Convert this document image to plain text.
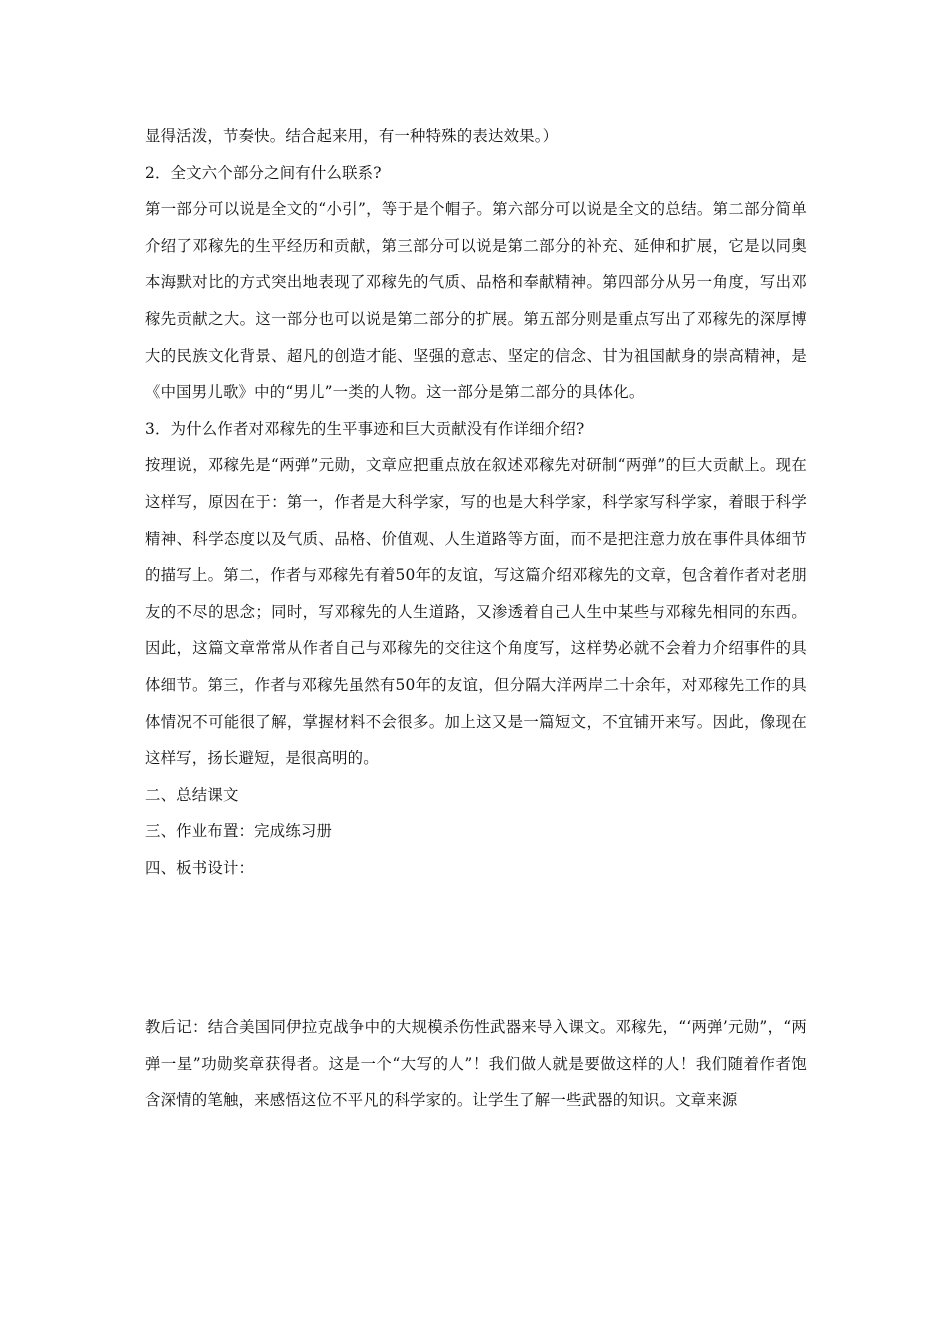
显得活泼，节奏快。结合起来用，有一种特殊的表达效果。）

2．全文六个部分之间有什么联系?

第一部分可以说是全文的“小引”，等于是个帽子。第六部分可以说是全文的总结。第二部分简单介绍了邓稼先的生平经历和贡献，第三部分可以说是第二部分的补充、延伸和扩展，它是以同奥本海默对比的方式突出地表现了邓稼先的气质、品格和奉献精神。第四部分从另一角度，写出邓稼先贡献之大。这一部分也可以说是第二部分的扩展。第五部分则是重点写出了邓稼先的深厚博大的民族文化背景、超凡的创造才能、坚强的意志、坚定的信念、甘为祖国献身的崇高精神，是《中国男儿歌》中的“男儿”一类的人物。这一部分是第二部分的具体化。

3．为什么作者对邓稼先的生平事迹和巨大贡献没有作详细介绍?

按理说，邓稼先是“两弹”元勋，文章应把重点放在叙述邓稼先对研制“两弹”的巨大贡献上。现在这样写，原因在于：第一，作者是大科学家，写的也是大科学家，科学家写科学家，着眼于科学精神、科学态度以及气质、品格、价值观、人生道路等方面，而不是把注意力放在事件具体细节的描写上。第二，作者与邓稼先有着50年的友谊，写这篇介绍邓稼先的文章，包含着作者对老朋友的不尽的思念；同时，写邓稼先的人生道路，又渗透着自己人生中某些与邓稼先相同的东西。因此，这篇文章常常从作者自己与邓稼先的交往这个角度写，这样势必就不会着力介绍事件的具体细节。第三，作者与邓稼先虽然有50年的友谊，但分隔大洋两岸二十余年，对邓稼先工作的具体情况不可能很了解，掌握材料不会很多。加上这又是一篇短文，不宜铺开来写。因此，像现在这样写，扬长避短，是很高明的。

二、总结课文

三、作业布置：完成练习册

四、板书设计：

教后记：结合美国同伊拉克战争中的大规模杀伤性武器来导入课文。邓稼先，“‘两弹’元勋”，“两弹一星”功勋奖章获得者。这是一个“大写的人”！我们做人就是要做这样的人！我们随着作者饱含深情的笔触，来感悟这位不平凡的科学家的。让学生了解一些武器的知识。文章来源
